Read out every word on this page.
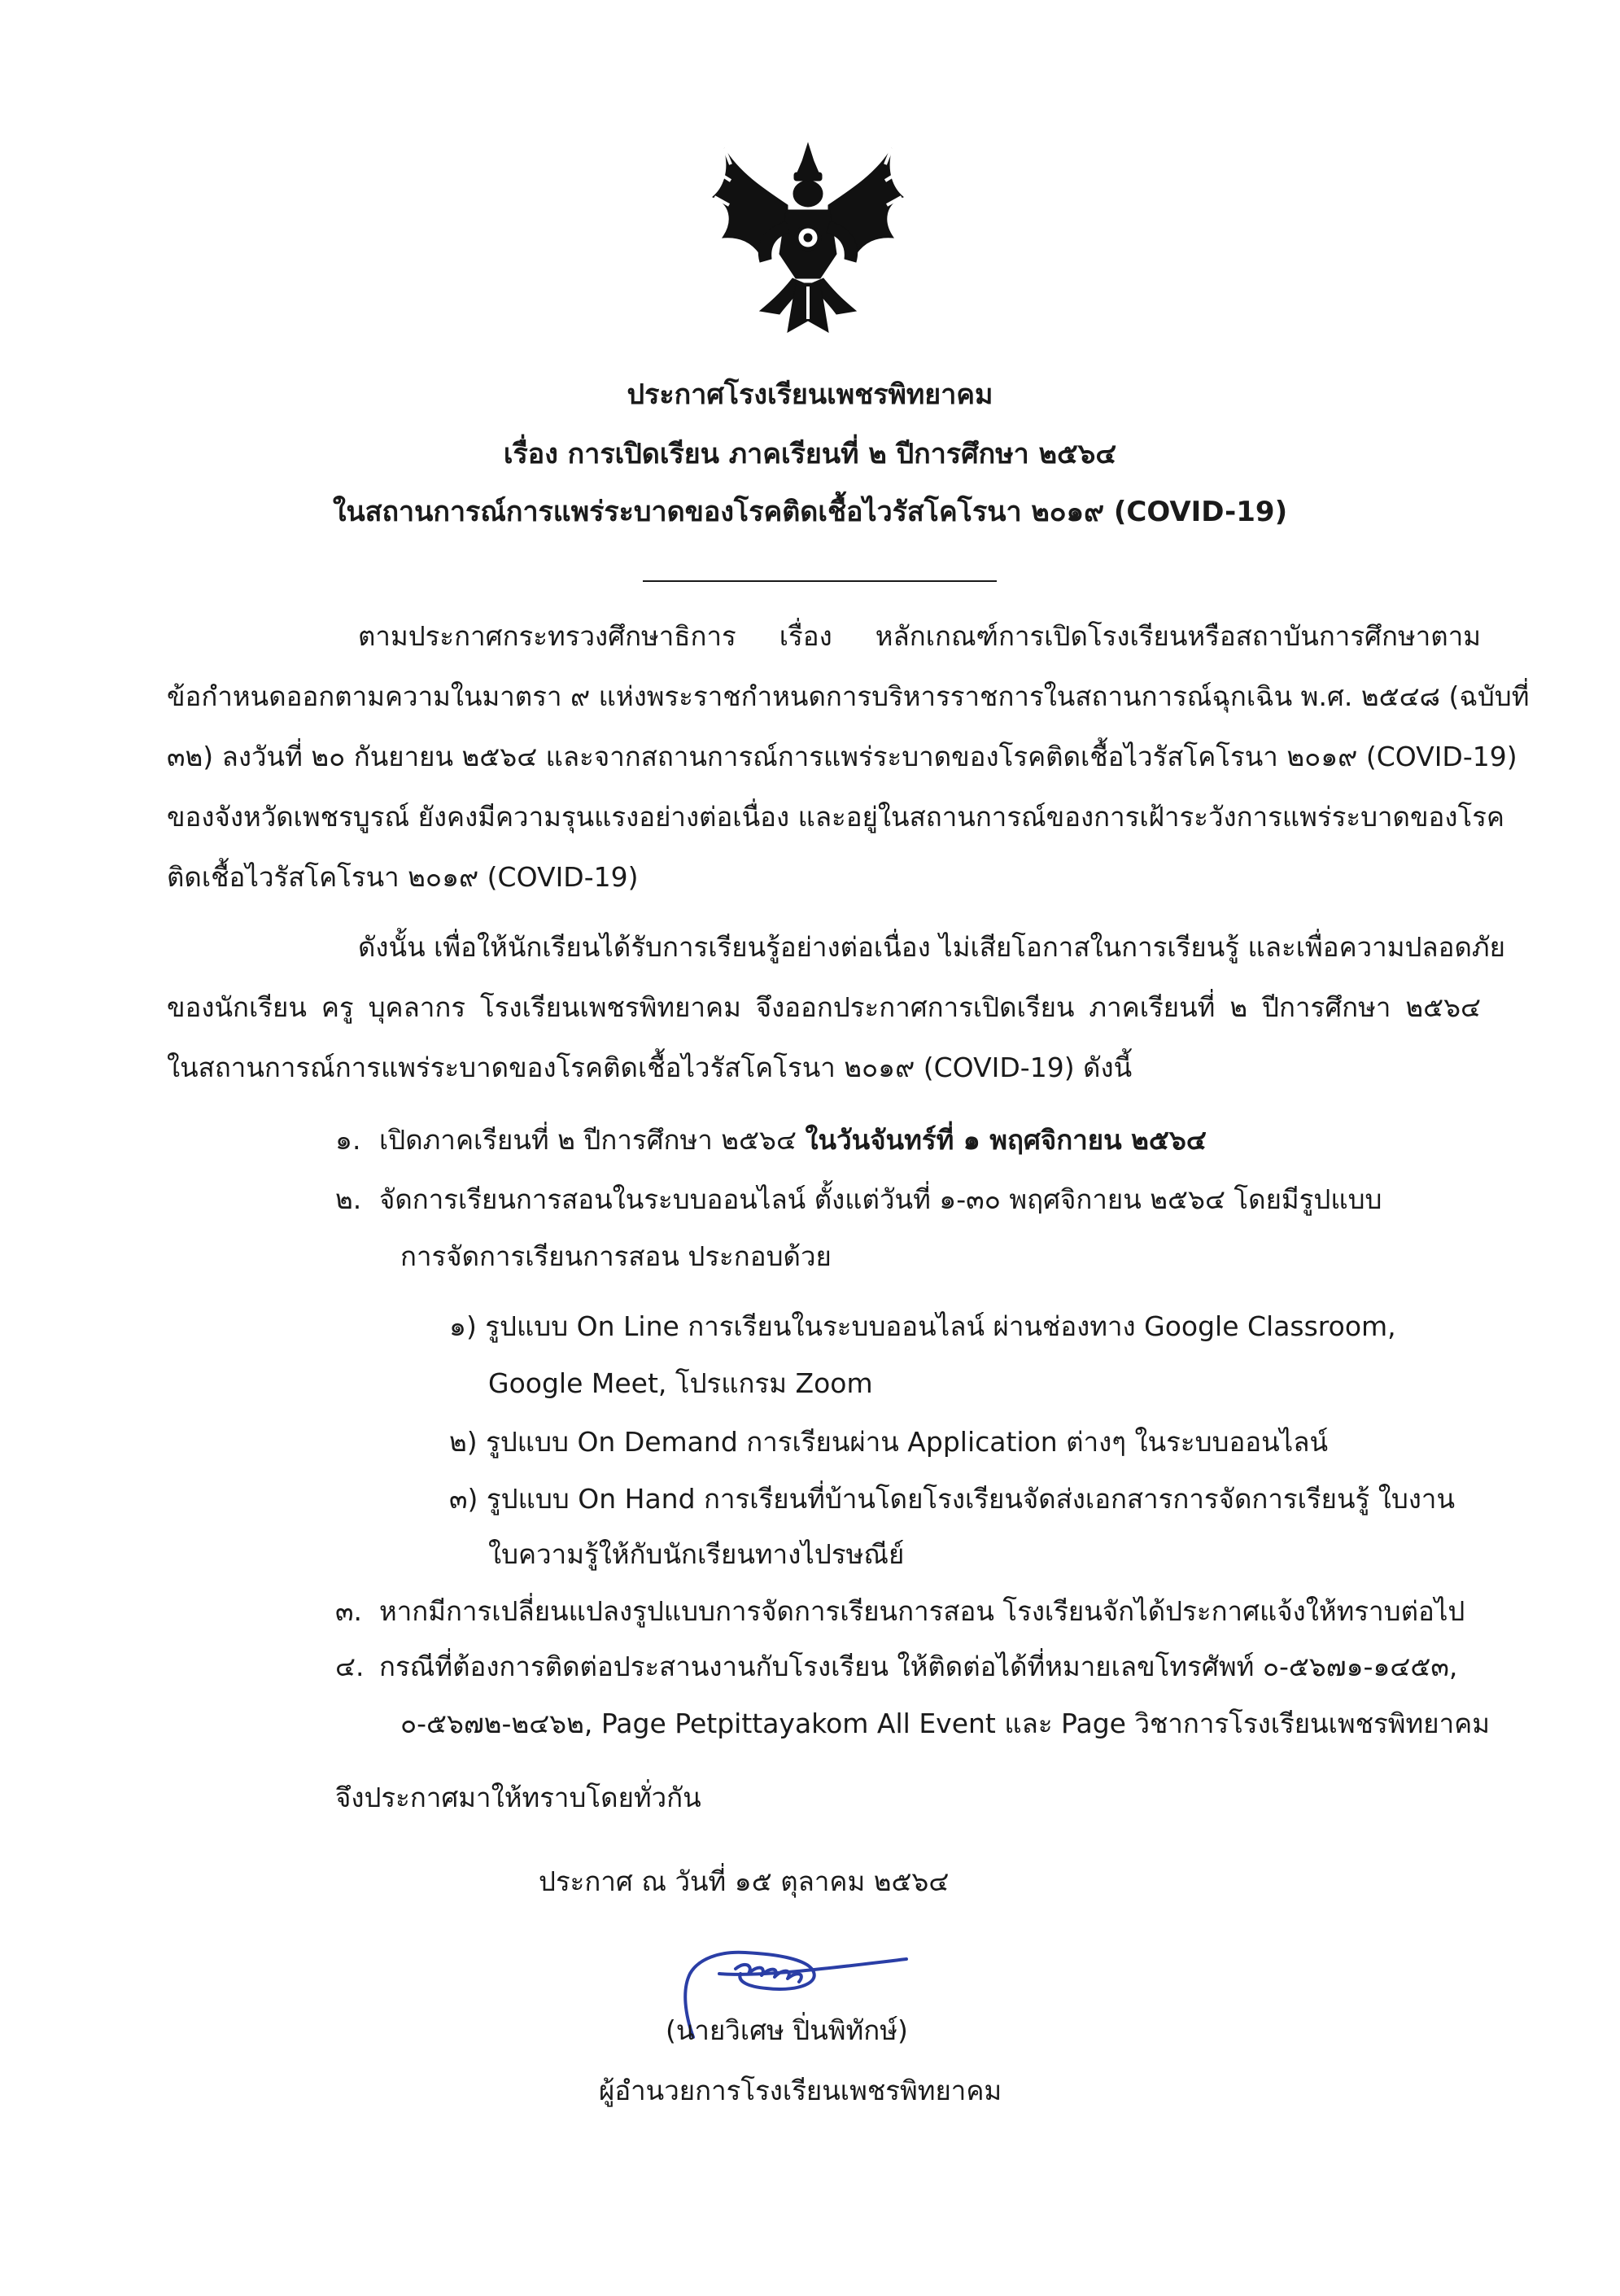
ประกาศโรงเรียนเพชรพิทยาคม
เรื่อง การเปิดเรียน ภาคเรียนที่ ๒ ปีการศึกษา ๒๕๖๔
ในสถานการณ์การแพร่ระบาดของโรคติดเชื้อไวรัสโคโรนา ๒๐๑๙ (COVID-19)
ตามประกาศกระทรวงศึกษาธิการ เรื่อง หลักเกณฑ์การเปิดโรงเรียนหรือสถาบันการศึกษาตาม
ข้อกำหนดออกตามความในมาตรา ๙ แห่งพระราชกำหนดการบริหารราชการในสถานการณ์ฉุกเฉิน พ.ศ. ๒๕๔๘ (ฉบับที่
๓๒) ลงวันที่ ๒๐ กันยายน ๒๕๖๔ และจากสถานการณ์การแพร่ระบาดของโรคติดเชื้อไวรัสโคโรนา ๒๐๑๙ (COVID-19)
ของจังหวัดเพชรบูรณ์ ยังคงมีความรุนแรงอย่างต่อเนื่อง และอยู่ในสถานการณ์ของการเฝ้าระวังการแพร่ระบาดของโรค
ติดเชื้อไวรัสโคโรนา ๒๐๑๙ (COVID-19)
ดังนั้น เพื่อให้นักเรียนได้รับการเรียนรู้อย่างต่อเนื่อง ไม่เสียโอกาสในการเรียนรู้ และเพื่อความปลอดภัย
ของนักเรียน ครู บุคลากร โรงเรียนเพชรพิทยาคม จึงออกประกาศการเปิดเรียน ภาคเรียนที่ ๒ ปีการศึกษา ๒๕๖๔
ในสถานการณ์การแพร่ระบาดของโรคติดเชื้อไวรัสโคโรนา ๒๐๑๙ (COVID-19) ดังนี้
๑. เปิดภาคเรียนที่ ๒ ปีการศึกษา ๒๕๖๔ ในวันจันทร์ที่ ๑ พฤศจิกายน ๒๕๖๔
๒. จัดการเรียนการสอนในระบบออนไลน์ ตั้งแต่วันที่ ๑-๓๐ พฤศจิกายน ๒๕๖๔ โดยมีรูปแบบ
การจัดการเรียนการสอน ประกอบด้วย
๑) รูปแบบ On Line การเรียนในระบบออนไลน์ ผ่านช่องทาง Google Classroom,
Google Meet, โปรแกรม Zoom
๒) รูปแบบ On Demand การเรียนผ่าน Application ต่างๆ ในระบบออนไลน์
๓) รูปแบบ On Hand การเรียนที่บ้านโดยโรงเรียนจัดส่งเอกสารการจัดการเรียนรู้ ใบงาน
ใบความรู้ให้กับนักเรียนทางไปรษณีย์
๓. หากมีการเปลี่ยนแปลงรูปแบบการจัดการเรียนการสอน โรงเรียนจักได้ประกาศแจ้งให้ทราบต่อไป
๔. กรณีที่ต้องการติดต่อประสานงานกับโรงเรียน ให้ติดต่อได้ที่หมายเลขโทรศัพท์ ๐-๕๖๗๑-๑๔๕๓,
๐-๕๖๗๒-๒๔๖๒, Page Petpittayakom All Event และ Page วิชาการโรงเรียนเพชรพิทยาคม
จึงประกาศมาให้ทราบโดยทั่วกัน
ประกาศ ณ วันที่ ๑๕ ตุลาคม ๒๕๖๔
(นายวิเศษ ปิ่นพิทักษ์)
ผู้อำนวยการโรงเรียนเพชรพิทยาคม
